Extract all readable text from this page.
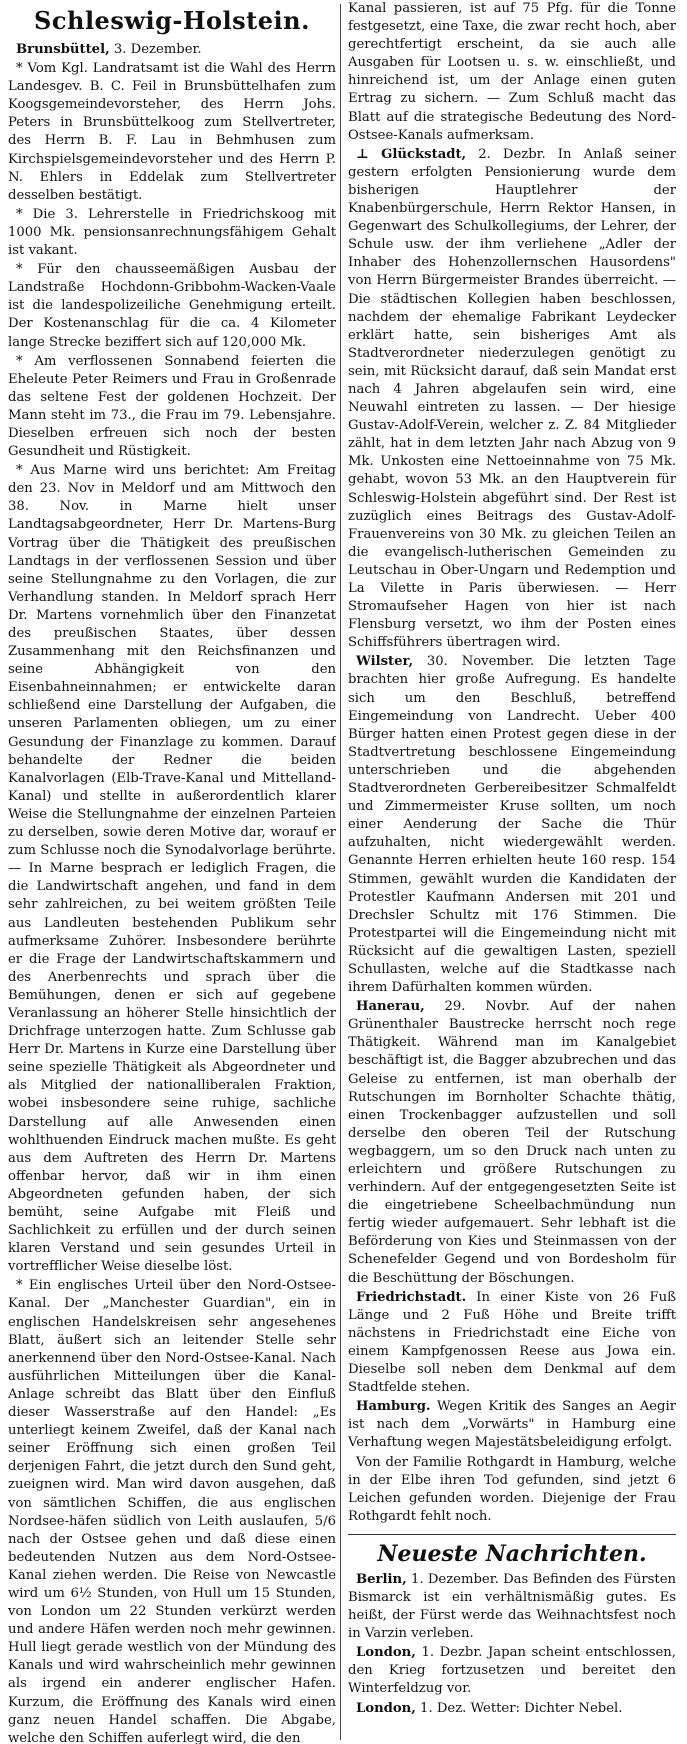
Schleswig-Holstein.

Brunsbüttel, 3. Dezember.

* Vom Kgl. Landratsamt ist die Wahl des Herrn Landesgev. B. C. Feil in Brunsbüttelhafen zum Koogsgemeindevorsteher, des Herrn Johs. Peters in Brunsbüttelkoog zum Stellvertreter, des Herrn B. F. Lau in Behmhusen zum Kirchspielsgemeindevorsteher und des Herrn P. N. Ehlers in Eddelak zum Stellvertreter desselben bestätigt.

* Die 3. Lehrerstelle in Friedrichskoog mit 1000 Mk. pensionsanrechnungsfähigem Gehalt ist vakant.

* Für den chausseemäßigen Ausbau der Landstraße Hochdonn-Gribbohm-Wacken-Vaale ist die landespolizeiliche Genehmigung erteilt. Der Kostenanschlag für die ca. 4 Kilometer lange Strecke beziffert sich auf 120,000 Mk.

* Am verflossenen Sonnabend feierten die Eheleute Peter Reimers und Frau in Großenrade das seltene Fest der goldenen Hochzeit. Der Mann steht im 73., die Frau im 79. Lebensjahre. Dieselben erfreuen sich noch der besten Gesundheit und Rüstigkeit.

* Aus Marne wird uns berichtet: Am Freitag den 23. Nov in Meldorf und am Mittwoch den 38. Nov. in Marne hielt unser Landtagsabgeordneter, Herr Dr. Martens-Burg Vortrag über die Thätigkeit des preußischen Landtags in der verflossenen Session und über seine Stellungnahme zu den Vorlagen, die zur Verhandlung standen. In Meldorf sprach Herr Dr. Martens vornehmlich über den Finanzetat des preußischen Staates, über dessen Zusammenhang mit den Reichsfinanzen und seine Abhängigkeit von den Eisenbahneinnahmen; er entwickelte daran schließend eine Darstellung der Aufgaben, die unseren Parlamenten obliegen, um zu einer Gesundung der Finanzlage zu kommen. Darauf behandelte der Redner die beiden Kanalvorlagen (Elb-Trave-Kanal und Mittelland-Kanal) und stellte in außerordentlich klarer Weise die Stellungnahme der einzelnen Parteien zu derselben, sowie deren Motive dar, worauf er zum Schlusse noch die Synodalvorlage berührte. — In Marne besprach er lediglich Fragen, die die Landwirtschaft angehen, und fand in dem sehr zahlreichen, zu bei weitem größten Teile aus Landleuten bestehenden Publikum sehr aufmerksame Zuhörer. Insbesondere berührte er die Frage der Landwirtschaftskammern und des Anerbenrechts und sprach über die Bemühungen, denen er sich auf gegebene Veranlassung an höherer Stelle hinsichtlich der Drichfrage unterzogen hatte. Zum Schlusse gab Herr Dr. Martens in Kurze eine Darstellung über seine spezielle Thätigkeit als Abgeordneter und als Mitglied der nationalliberalen Fraktion, wobei insbesondere seine ruhige, sachliche Darstellung auf alle Anwesenden einen wohlthuenden Eindruck machen mußte. Es geht aus dem Auftreten des Herrn Dr. Martens offenbar hervor, daß wir in ihm einen Abgeordneten gefunden haben, der sich bemüht, seine Aufgabe mit Fleiß und Sachlichkeit zu erfüllen und der durch seinen klaren Verstand und sein gesundes Urteil in vortrefflicher Weise dieselbe löst.

* Ein englisches Urteil über den Nord-Ostsee-Kanal. Der „Manchester Guardian", ein in englischen Handelskreisen sehr angesehenes Blatt, äußert sich an leitender Stelle sehr anerkennend über den Nord-Ostsee-Kanal. Nach ausführlichen Mitteilungen über die Kanal-Anlage schreibt das Blatt über den Einfluß dieser Wasserstraße auf den Handel: „Es unterliegt keinem Zweifel, daß der Kanal nach seiner Eröffnung sich einen großen Teil derjenigen Fahrt, die jetzt durch den Sund geht, zueignen wird. Man wird davon ausgehen, daß von sämtlichen Schiffen, die aus englischen Nordsee-häfen südlich von Leith auslaufen, 5/6 nach der Ostsee gehen und daß diese einen bedeutenden Nutzen aus dem Nord-Ostsee-Kanal ziehen werden. Die Reise von Newcastle wird um 6½ Stunden, von Hull um 15 Stunden, von London um 22 Stunden verkürzt werden und andere Häfen werden noch mehr gewinnen. Hull liegt gerade westlich von der Mündung des Kanals und wird wahrscheinlich mehr gewinnen als irgend ein anderer englischer Hafen. Kurzum, die Eröffnung des Kanals wird einen ganz neuen Handel schaffen. Die Abgabe, welche den Schiffen auferlegt wird, die den

Kanal passieren, ist auf 75 Pfg. für die Tonne festgesetzt, eine Taxe, die zwar recht hoch, aber gerechtfertigt erscheint, da sie auch alle Ausgaben für Lootsen u. s. w. einschließt, und hinreichend ist, um der Anlage einen guten Ertrag zu sichern. — Zum Schluß macht das Blatt auf die strategische Bedeutung des Nord-Ostsee-Kanals aufmerksam.

⊥ Glückstadt, 2. Dezbr. In Anlaß seiner gestern erfolgten Pensionierung wurde dem bisherigen Hauptlehrer der Knabenbürgerschule, Herrn Rektor Hansen, in Gegenwart des Schulkollegiums, der Lehrer, der Schule usw. der ihm verliehene „Adler der Inhaber des Hohenzollernschen Hausordens" von Herrn Bürgermeister Brandes überreicht. — Die städtischen Kollegien haben beschlossen, nachdem der ehemalige Fabrikant Leydecker erklärt hatte, sein bisheriges Amt als Stadtverordneter niederzulegen genötigt zu sein, mit Rücksicht darauf, daß sein Mandat erst nach 4 Jahren abgelaufen sein wird, eine Neuwahl eintreten zu lassen. — Der hiesige Gustav-Adolf-Verein, welcher z. Z. 84 Mitglieder zählt, hat in dem letzten Jahr nach Abzug von 9 Mk. Unkosten eine Nettoeinnahme von 75 Mk. gehabt, wovon 53 Mk. an den Hauptverein für Schleswig-Holstein abgeführt sind. Der Rest ist zuzüglich eines Beitrags des Gustav-Adolf-Frauenvereins von 30 Mk. zu gleichen Teilen an die evangelisch-lutherischen Gemeinden zu Leutschau in Ober-Ungarn und Redemption und La Vilette in Paris überwiesen. — Herr Stromaufseher Hagen von hier ist nach Flensburg versetzt, wo ihm der Posten eines Schiffsführers übertragen wird.

Wilster, 30. November. Die letzten Tage brachten hier große Aufregung. Es handelte sich um den Beschluß, betreffend Eingemeindung von Landrecht. Ueber 400 Bürger hatten einen Protest gegen diese in der Stadtvertretung beschlossene Eingemeindung unterschrieben und die abgehenden Stadtverordneten Gerbereibesitzer Schmalfeldt und Zimmermeister Kruse sollten, um noch einer Aenderung der Sache die Thür aufzuhalten, nicht wiedergewählt werden. Genannte Herren erhielten heute 160 resp. 154 Stimmen, gewählt wurden die Kandidaten der Protestler Kaufmann Andersen mit 201 und Drechsler Schultz mit 176 Stimmen. Die Protestpartei will die Eingemeindung nicht mit Rücksicht auf die gewaltigen Lasten, speziell Schullasten, welche auf die Stadtkasse nach ihrem Dafürhalten kommen würden.

Hanerau, 29. Novbr. Auf der nahen Grünenthaler Baustrecke herrscht noch rege Thätigkeit. Während man im Kanalgebiet beschäftigt ist, die Bagger abzubrechen und das Geleise zu entfernen, ist man oberhalb der Rutschungen im Bornholter Schachte thätig, einen Trockenbagger aufzustellen und soll derselbe den oberen Teil der Rutschung wegbaggern, um so den Druck nach unten zu erleichtern und größere Rutschungen zu verhindern. Auf der entgegengesetzten Seite ist die eingetriebene Scheelbachmündung nun fertig wieder aufgemauert. Sehr lebhaft ist die Beförderung von Kies und Steinmassen von der Schenefelder Gegend und von Bordesholm für die Beschüttung der Böschungen.

Friedrichstadt. In einer Kiste von 26 Fuß Länge und 2 Fuß Höhe und Breite trifft nächstens in Friedrichstadt eine Eiche von einem Kampfgenossen Reese aus Jowa ein. Dieselbe soll neben dem Denkmal auf dem Stadtfelde stehen.

Hamburg. Wegen Kritik des Sanges an Aegir ist nach dem „Vorwärts" in Hamburg eine Verhaftung wegen Majestätsbeleidigung erfolgt.

Von der Familie Rothgardt in Hamburg, welche in der Elbe ihren Tod gefunden, sind jetzt 6 Leichen gefunden worden. Diejenige der Frau Rothgardt fehlt noch.

Neueste Nachrichten.

Berlin, 1. Dezember. Das Befinden des Fürsten Bismarck ist ein verhältnismäßig gutes. Es heißt, der Fürst werde das Weihnachtsfest noch in Varzin verleben.

London, 1. Dezbr. Japan scheint entschlossen, den Krieg fortzusetzen und bereitet den Winterfeldzug vor.

London, 1. Dez. Wetter: Dichter Nebel.
